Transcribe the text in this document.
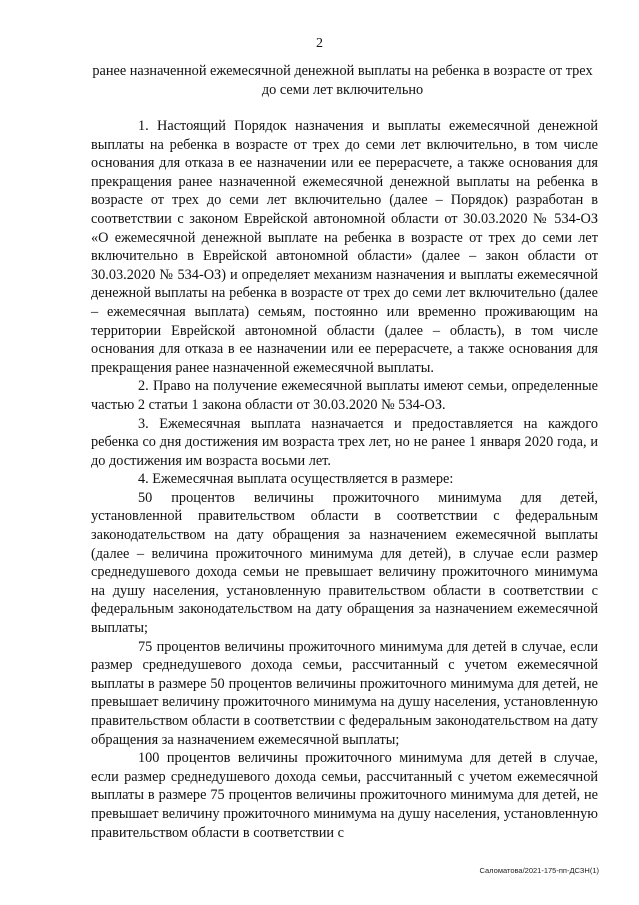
2
ранее назначенной ежемесячной денежной выплаты на ребенка в возрасте от трех до семи лет включительно

1. Настоящий Порядок назначения и выплаты ежемесячной денежной выплаты на ребенка в возрасте от трех до семи лет включительно, в том числе основания для отказа в ее назначении или ее перерасчете, а также основания для прекращения ранее назначенной ежемесячной денежной выплаты на ребенка в возрасте от трех до семи лет включительно (далее – Порядок) разработан в соответствии с законом Еврейской автономной области от 30.03.2020 № 534-ОЗ «О ежемесячной денежной выплате на ребенка в возрасте от трех до семи лет включительно в Еврейской автономной области» (далее – закон области от 30.03.2020 № 534-ОЗ) и определяет механизм назначения и выплаты ежемесячной денежной выплаты на ребенка в возрасте от трех до семи лет включительно (далее – ежемесячная выплата) семьям, постоянно или временно проживающим на территории Еврейской автономной области (далее – область), в том числе основания для отказа в ее назначении или ее перерасчете, а также основания для прекращения ранее назначенной ежемесячной выплаты.

2. Право на получение ежемесячной выплаты имеют семьи, определенные частью 2 статьи 1 закона области от 30.03.2020 № 534-ОЗ.

3. Ежемесячная выплата назначается и предоставляется на каждого ребенка со дня достижения им возраста трех лет, но не ранее 1 января 2020 года, и до достижения им возраста восьми лет.

4. Ежемесячная выплата осуществляется в размере:

50 процентов величины прожиточного минимума для детей, установленной правительством области в соответствии с федеральным законодательством на дату обращения за назначением ежемесячной выплаты (далее – величина прожиточного минимума для детей), в случае если размер среднедушевого дохода семьи не превышает величину прожиточного минимума на душу населения, установленную правительством области в соответствии с федеральным законодательством на дату обращения за назначением ежемесячной выплаты;

75 процентов величины прожиточного минимума для детей в случае, если размер среднедушевого дохода семьи, рассчитанный с учетом ежемесячной выплаты в размере 50 процентов величины прожиточного минимума для детей, не превышает величину прожиточного минимума на душу населения, установленную правительством области в соответствии с федеральным законодательством на дату обращения за назначением ежемесячной выплаты;

100 процентов величины прожиточного минимума для детей в случае, если размер среднедушевого дохода семьи, рассчитанный с учетом ежемесячной выплаты в размере 75 процентов величины прожиточного минимума для детей, не превышает величину прожиточного минимума на душу населения, установленную правительством области в соответствии с

Саломатова/2021-175-пп-ДСЗН(1)
